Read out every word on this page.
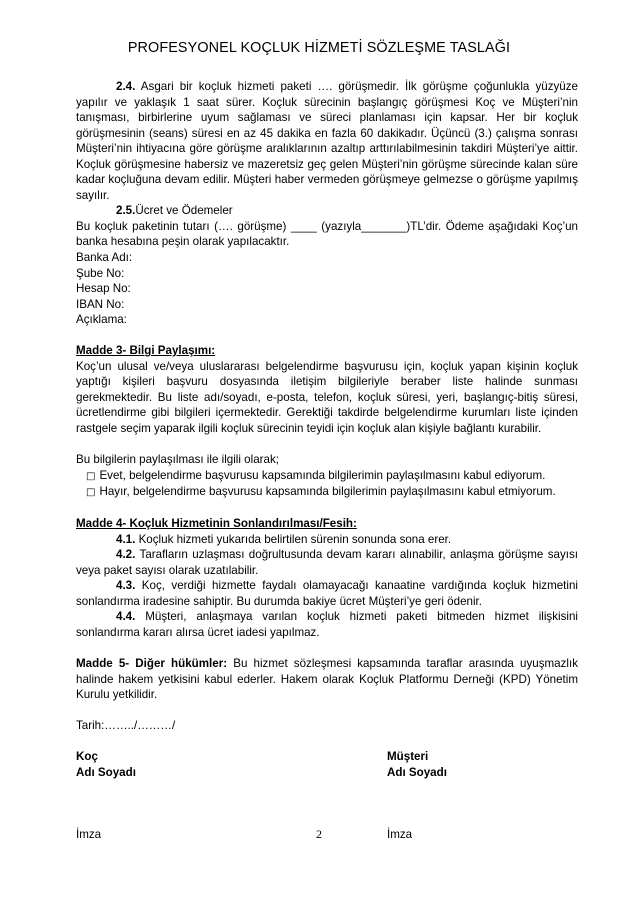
PROFESYONEL KOÇLUK HİZMETİ SÖZLEŞME TASLAĞI

2.4. Asgari bir koçluk hizmeti paketi …. görüşmedir. İlk görüşme çoğunlukla yüzyüze yapılır ve yaklaşık 1 saat sürer. Koçluk sürecinin başlangıç görüşmesi Koç ve Müşteri’nin tanışması, birbirlerine uyum sağlaması ve süreci planlaması için kapsar. Her bir koçluk görüşmesinin (seans) süresi en az 45 dakika en fazla 60 dakikadır. Üçüncü (3.) çalışma sonrası Müşteri’nin ihtiyacına göre görüşme aralıklarının azaltıp arttırılabilmesinin takdiri Müşteri’ye aittir. Koçluk görüşmesine habersiz ve mazeretsiz geç gelen Müşteri’nin görüşme sürecinde kalan süre kadar koçluğuna devam edilir. Müşteri haber vermeden görüşmeye gelmezse o görüşme yapılmış sayılır.

2.5.Ücret ve Ödemeler

Bu koçluk paketinin tutarı (…. görüşme) ____ (yazıyla_______)TL’dir. Ödeme aşağıdaki Koç’un banka hesabına peşin olarak yapılacaktır.

Banka Adı:

Şube No:

Hesap No:

IBAN No:

Açıklama:

Madde 3- Bilgi Paylaşımı:

Koç’un ulusal ve/veya uluslararası belgelendirme başvurusu için, koçluk yapan kişinin koçluk yaptığı kişileri başvuru dosyasında iletişim bilgileriyle beraber liste halinde sunması gerekmektedir. Bu liste adı/soyadı, e-posta, telefon, koçluk süresi, yeri, başlangıç-bitiş süresi, ücretlendirme gibi bilgileri içermektedir. Gerektiği takdirde belgelendirme kurumları liste içinden rastgele seçim yaparak ilgili koçluk sürecinin teyidi için koçluk alan kişiyle bağlantı kurabilir.

Bu bilgilerin paylaşılması ile ilgili olarak;

□ Evet, belgelendirme başvurusu kapsamında bilgilerimin paylaşılmasını kabul ediyorum.

□ Hayır, belgelendirme başvurusu kapsamında bilgilerimin paylaşılmasını kabul etmiyorum.

Madde 4- Koçluk Hizmetinin Sonlandırılması/Fesih:

4.1. Koçluk hizmeti yukarıda belirtilen sürenin sonunda sona erer.

4.2. Tarafların uzlaşması doğrultusunda devam kararı alınabilir, anlaşma görüşme sayısı veya paket sayısı olarak uzatılabilir.

4.3. Koç, verdiği hizmette faydalı olamayacağı kanaatine vardığında koçluk hizmetini sonlandırma iradesine sahiptir. Bu durumda bakiye ücret Müşteri’ye geri ödenir.

4.4. Müşteri, anlaşmaya varılan koçluk hizmeti paketi bitmeden hizmet ilişkisini sonlandırma kararı alırsa ücret iadesi yapılmaz.

Madde 5- Diğer hükümler: Bu hizmet sözleşmesi kapsamında taraflar arasında uyuşmazlık halinde hakem yetkisini kabul ederler. Hakem olarak Koçluk Platformu Derneği (KPD) Yönetim Kurulu yetkilidir.

Tarih:……../………/

Koç	Müşteri
Adı Soyadı	Adı Soyadı
İmza	İmza
2
